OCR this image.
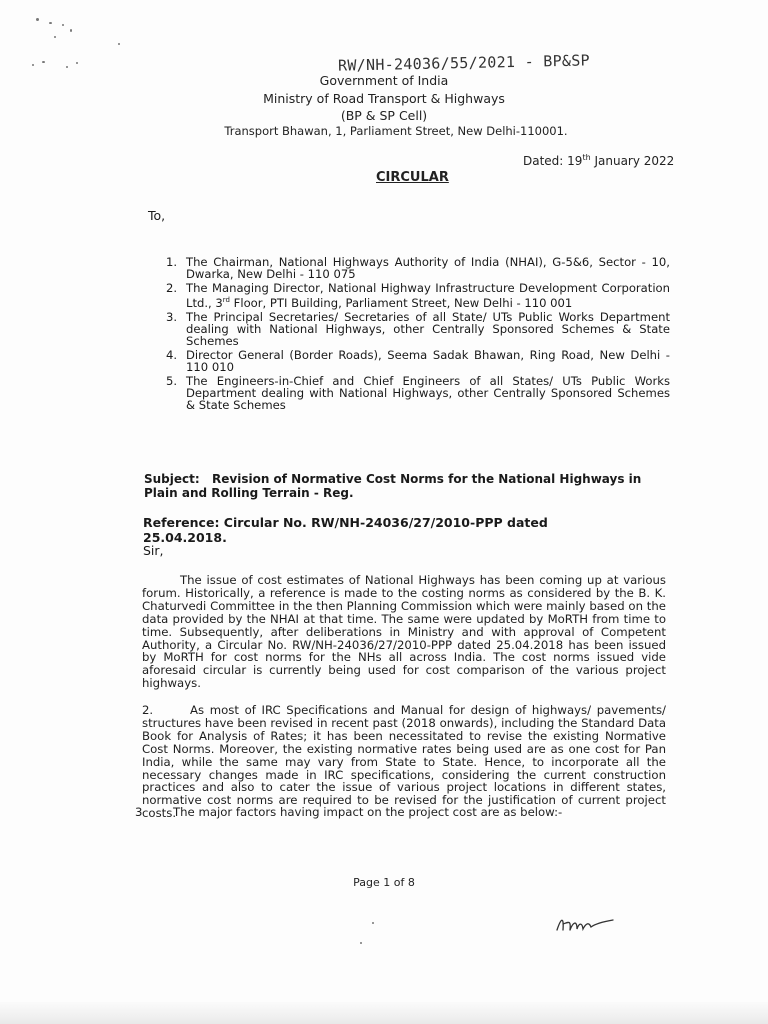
RW/NH-24036/55/2021 - BP&SP
Government of India
Ministry of Road Transport & Highways
(BP & SP Cell)
Transport Bhawan, 1, Parliament Street, New Delhi-110001.
Dated: 19th January 2022
CIRCULAR
To,
1. The Chairman, National Highways Authority of India (NHAI), G-5&6, Sector - 10, Dwarka, New Delhi - 110 075
2. The Managing Director, National Highway Infrastructure Development Corporation Ltd., 3rd Floor, PTI Building, Parliament Street, New Delhi - 110 001
3. The Principal Secretaries/ Secretaries of all State/ UTs Public Works Department dealing with National Highways, other Centrally Sponsored Schemes & State Schemes
4. Director General (Border Roads), Seema Sadak Bhawan, Ring Road, New Delhi - 110 010
5. The Engineers-in-Chief and Chief Engineers of all States/ UTs Public Works Department dealing with National Highways, other Centrally Sponsored Schemes & State Schemes
Subject: Revision of Normative Cost Norms for the National Highways in Plain and Rolling Terrain - Reg.
Reference: Circular No. RW/NH-24036/27/2010-PPP dated 25.04.2018.
Sir,
The issue of cost estimates of National Highways has been coming up at various forum. Historically, a reference is made to the costing norms as considered by the B. K. Chaturvedi Committee in the then Planning Commission which were mainly based on the data provided by the NHAI at that time. The same were updated by MoRTH from time to time. Subsequently, after deliberations in Ministry and with approval of Competent Authority, a Circular No. RW/NH-24036/27/2010-PPP dated 25.04.2018 has been issued by MoRTH for cost norms for the NHs all across India. The cost norms issued vide aforesaid circular is currently being used for cost comparison of the various project highways.
2.	As most of IRC Specifications and Manual for design of highways/ pavements/ structures have been revised in recent past (2018 onwards), including the Standard Data Book for Analysis of Rates; it has been necessitated to revise the existing Normative Cost Norms. Moreover, the existing normative rates being used are as one cost for Pan India, while the same may vary from State to State. Hence, to incorporate all the necessary changes made in IRC specifications, considering the current construction practices and also to cater the issue of various project locations in different states, normative cost norms are required to be revised for the justification of current project costs.
3	The major factors having impact on the project cost are as below:-
Page 1 of 8
